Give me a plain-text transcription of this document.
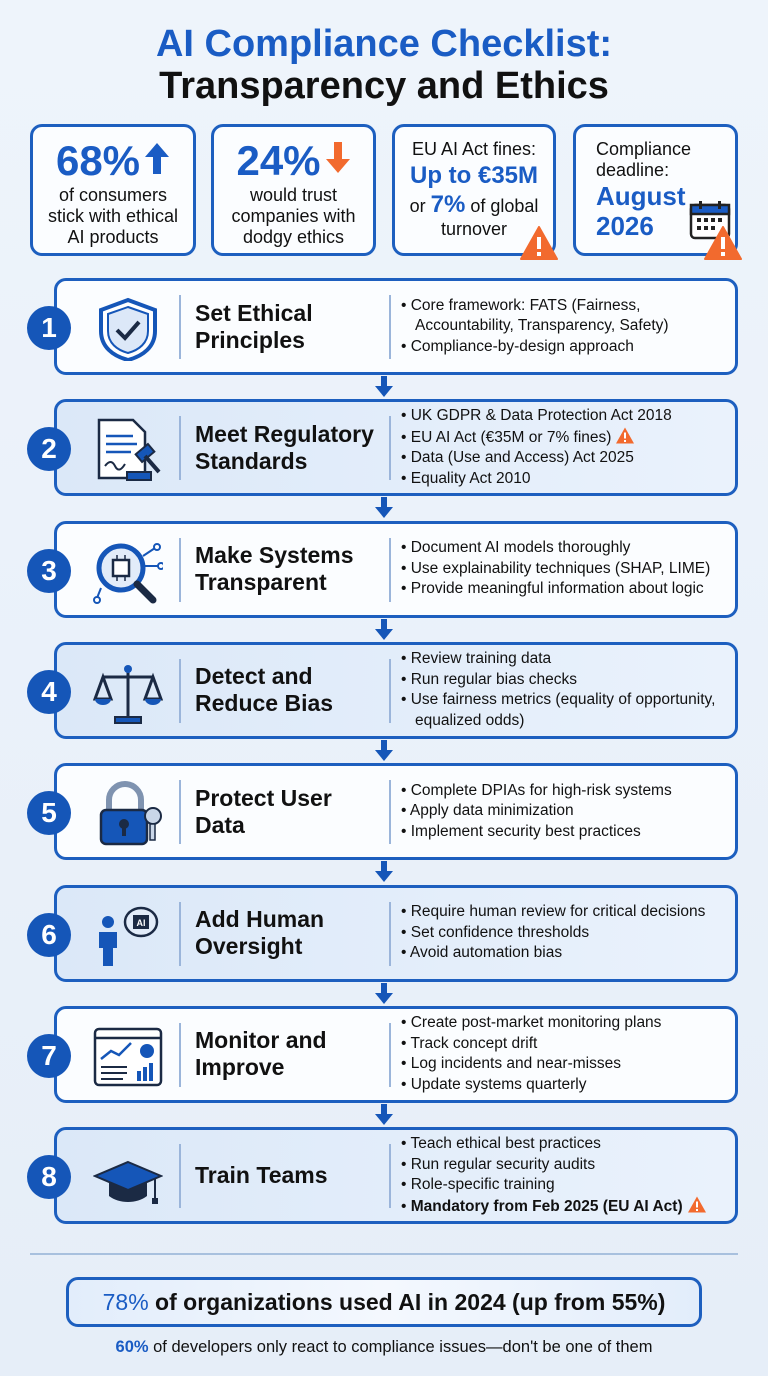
AI Compliance Checklist:
Transparency and Ethics
68%
of consumers
stick with ethical
AI products
24%
would trust
companies with
dodgy ethics
EU AI Act fines:
Up to €35M
or 7% of global
turnover
Compliance
deadline:
August
2026
1	Set Ethical Principles
• Core framework: FATS (Fairness, Accountability, Transparency, Safety)
• Compliance-by-design approach
2	Meet Regulatory Standards
• UK GDPR & Data Protection Act 2018
• EU AI Act (€35M or 7% fines)
• Data (Use and Access) Act 2025
• Equality Act 2010
3	Make Systems Transparent
• Document AI models thoroughly
• Use explainability techniques (SHAP, LIME)
• Provide meaningful information about logic
4	Detect and Reduce Bias
• Review training data
• Run regular bias checks
• Use fairness metrics (equality of opportunity, equalized odds)
5	Protect User Data
• Complete DPIAs for high-risk systems
• Apply data minimization
• Implement security best practices
6	AI Add Human Oversight
• Require human review for critical decisions
• Set confidence thresholds
• Avoid automation bias
7	Monitor and Improve
• Create post-market monitoring plans
• Track concept drift
• Log incidents and near-misses
• Update systems quarterly
8	Train Teams
• Teach ethical best practices
• Run regular security audits
• Role-specific training
• Mandatory from Feb 2025 (EU AI Act)
78% of organizations used AI in 2024 (up from 55%)
60% of developers only react to compliance issues—don't be one of them
